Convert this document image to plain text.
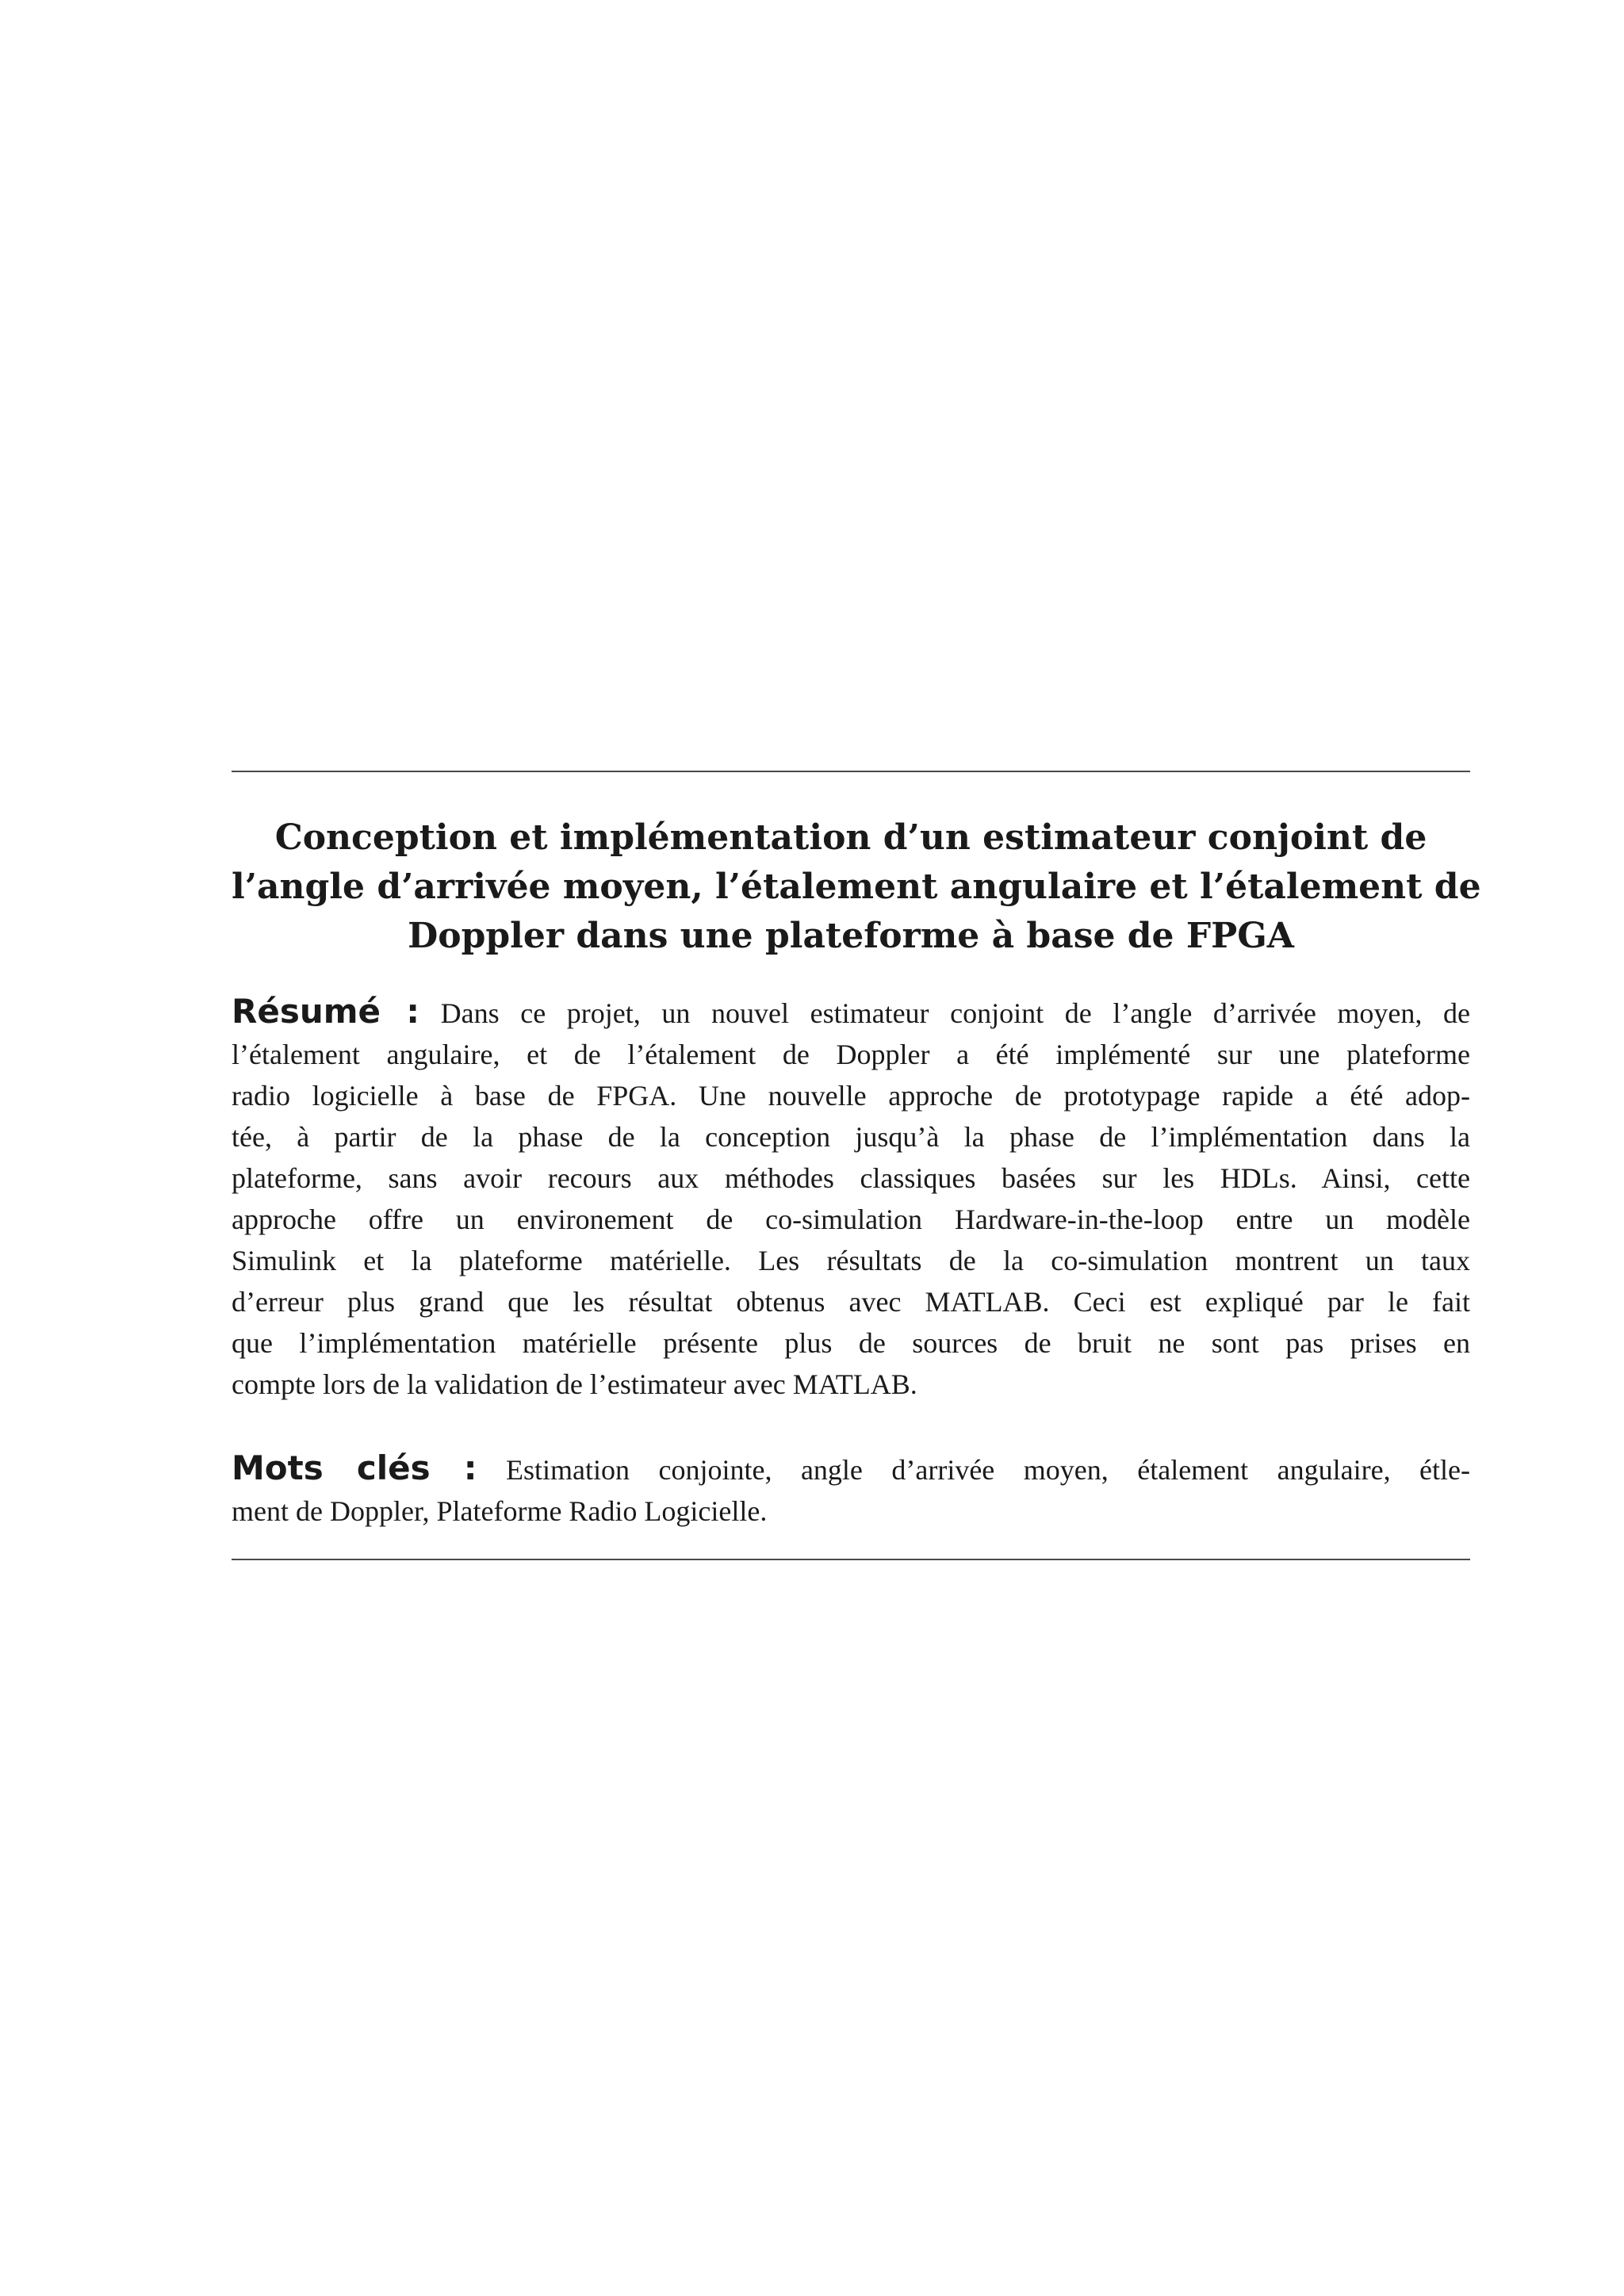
Conception et implémentation d’un estimateur conjoint de
l’angle d’arrivée moyen, l’étalement angulaire et l’étalement de
Doppler dans une plateforme à base de FPGA
Résumé : Dans ce projet, un nouvel estimateur conjoint de l’angle d’arrivée moyen, de
l’étalement angulaire, et de l’étalement de Doppler a été implémenté sur une plateforme
radio logicielle à base de FPGA. Une nouvelle approche de prototypage rapide a été adop-
tée, à partir de la phase de la conception jusqu’à la phase de l’implémentation dans la
plateforme, sans avoir recours aux méthodes classiques basées sur les HDLs. Ainsi, cette
approche offre un environement de co-simulation Hardware-in-the-loop entre un modèle
Simulink et la plateforme matérielle. Les résultats de la co-simulation montrent un taux
d’erreur plus grand que les résultat obtenus avec MATLAB. Ceci est expliqué par le fait
que l’implémentation matérielle présente plus de sources de bruit ne sont pas prises en
compte lors de la validation de l’estimateur avec MATLAB.
Mots clés : Estimation conjointe, angle d’arrivée moyen, étalement angulaire, étle-
ment de Doppler, Plateforme Radio Logicielle.
